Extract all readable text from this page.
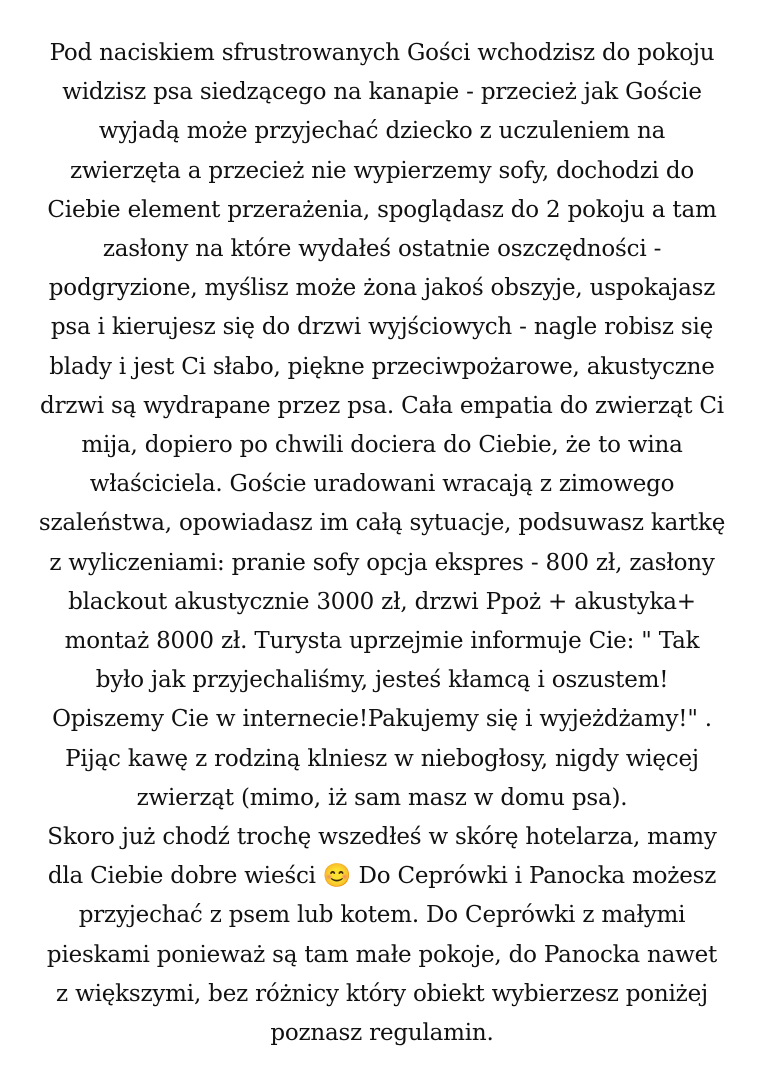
Pod naciskiem sfrustrowanych Gości wchodzisz do pokoju
widzisz psa siedzącego na kanapie - przecież jak Goście
wyjadą może przyjechać dziecko z uczuleniem na
zwierzęta a przecież nie wypierzemy sofy, dochodzi do
Ciebie element przerażenia, spoglądasz do 2 pokoju a tam
zasłony na które wydałeś ostatnie oszczędności -
podgryzione, myślisz może żona jakoś obszyje, uspokajasz
psa i kierujesz się do drzwi wyjściowych - nagle robisz się
blady i jest Ci słabo, piękne przeciwpożarowe, akustyczne
drzwi są wydrapane przez psa. Cała empatia do zwierząt Ci
mija, dopiero po chwili dociera do Ciebie, że to wina
właściciela. Goście uradowani wracają z zimowego
szaleństwa, opowiadasz im całą sytuacje, podsuwasz kartkę
z wyliczeniami: pranie sofy opcja ekspres - 800 zł, zasłony
blackout akustycznie 3000 zł, drzwi Ppoż + akustyka+
montaż 8000 zł. Turysta uprzejmie informuje Cie: " Tak
było jak przyjechaliśmy, jesteś kłamcą i oszustem!
Opiszemy Cie w internecie!Pakujemy się i wyjeżdżamy!" .
Pijąc kawę z rodziną klniesz w niebogłosy, nigdy więcej
zwierząt (mimo, iż sam masz w domu psa).
Skoro już chodź trochę wszedłeś w skórę hotelarza, mamy
dla Ciebie dobre wieści 😊 Do Ceprówki i Panocka możesz
przyjechać z psem lub kotem. Do Ceprówki z małymi
pieskami ponieważ są tam małe pokoje, do Panocka nawet
z większymi, bez różnicy który obiekt wybierzesz poniżej
poznasz regulamin.
